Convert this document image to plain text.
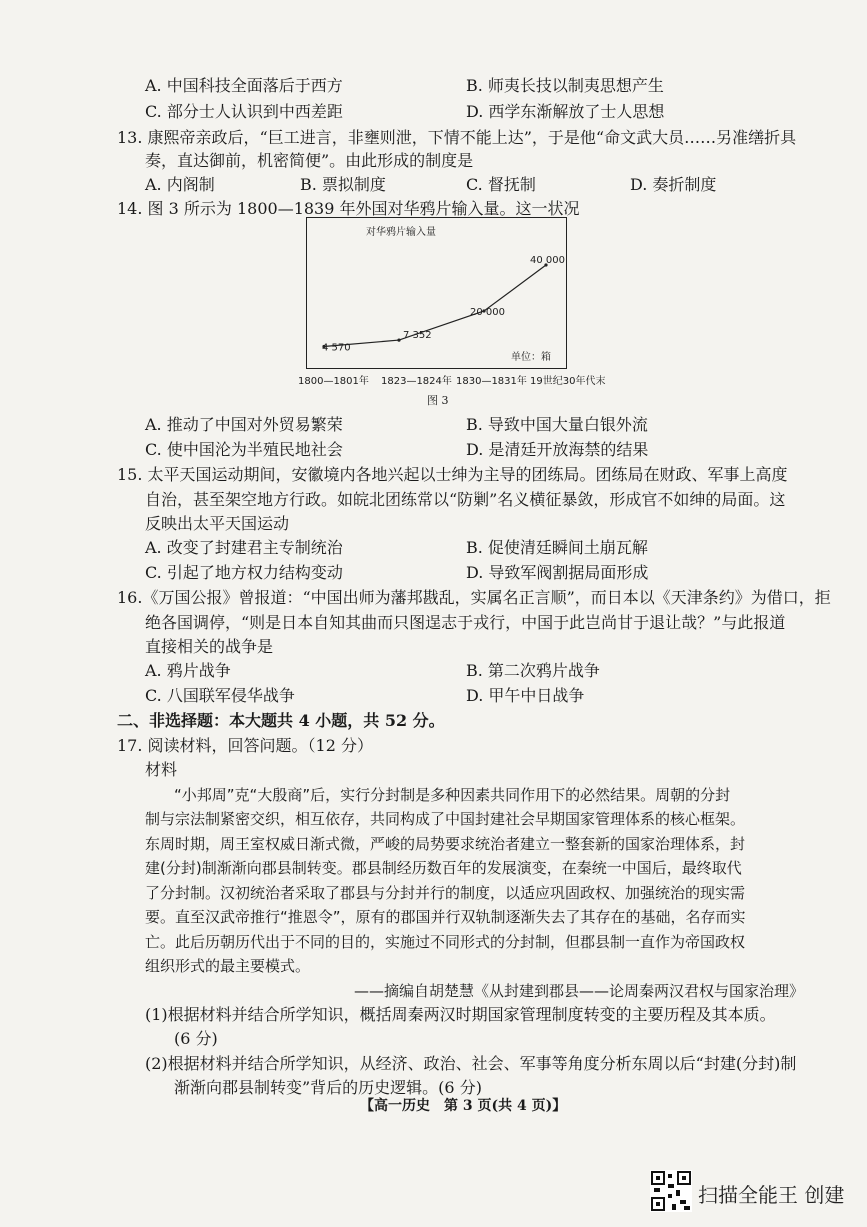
A. 中国科技全面落后于西方	B. 师夷长技以制夷思想产生
C. 部分士人认识到中西差距	D. 西学东渐解放了士人思想
13. 康熙帝亲政后，“巨工进言，非壅则泄，下情不能上达”，于是他“命文武大员……另准缮折具
奏，直达御前，机密简便”。由此形成的制度是
A. 内阁制	B. 票拟制度	C. 督抚制	D. 奏折制度
14. 图 3 所示为 1800—1839 年外国对华鸦片输入量。这一状况
对华鸦片输入量
单位：箱
4 570
7 352
20 000
40 000
1800—1801年 1823—1824年 1830—1831年 19世纪30年代末
图 3
A. 推动了中国对外贸易繁荣	B. 导致中国大量白银外流
C. 使中国沦为半殖民地社会	D. 是清廷开放海禁的结果
15. 太平天国运动期间，安徽境内各地兴起以士绅为主导的团练局。团练局在财政、军事上高度
自治，甚至架空地方行政。如皖北团练常以“防剿”名义横征暴敛，形成官不如绅的局面。这
反映出太平天国运动
A. 改变了封建君主专制统治	B. 促使清廷瞬间土崩瓦解
C. 引起了地方权力结构变动	D. 导致军阀割据局面形成
16.《万国公报》曾报道：“中国出师为藩邦戡乱，实属名正言顺”，而日本以《天津条约》为借口，拒
绝各国调停，“则是日本自知其曲而只图逞志于戎行，中国于此岂尚甘于退让哉？”与此报道
直接相关的战争是
A. 鸦片战争	B. 第二次鸦片战争
C. 八国联军侵华战争	D. 甲午中日战争
二、非选择题：本大题共 4 小题，共 52 分。
17. 阅读材料，回答问题。（12 分）
材料
“小邦周”克“大殷商”后，实行分封制是多种因素共同作用下的必然结果。周朝的分封
制与宗法制紧密交织，相互依存，共同构成了中国封建社会早期国家管理体系的核心框架。
东周时期，周王室权威日渐式微，严峻的局势要求统治者建立一整套新的国家治理体系，封
建(分封)制渐渐向郡县制转变。郡县制经历数百年的发展演变，在秦统一中国后，最终取代
了分封制。汉初统治者采取了郡县与分封并行的制度，以适应巩固政权、加强统治的现实需
要。直至汉武帝推行“推恩令”，原有的郡国并行双轨制逐渐失去了其存在的基础，名存而实
亡。此后历朝历代出于不同的目的，实施过不同形式的分封制，但郡县制一直作为帝国政权
组织形式的最主要模式。
——摘编自胡楚慧《从封建到郡县——论周秦两汉君权与国家治理》
(1)根据材料并结合所学知识，概括周秦两汉时期国家管理制度转变的主要历程及其本质。
(6 分)
(2)根据材料并结合所学知识，从经济、政治、社会、军事等角度分析东周以后“封建(分封)制
渐渐向郡县制转变”背后的历史逻辑。(6 分)
【高一历史　第 3 页(共 4 页)】
扫描全能王 创建
